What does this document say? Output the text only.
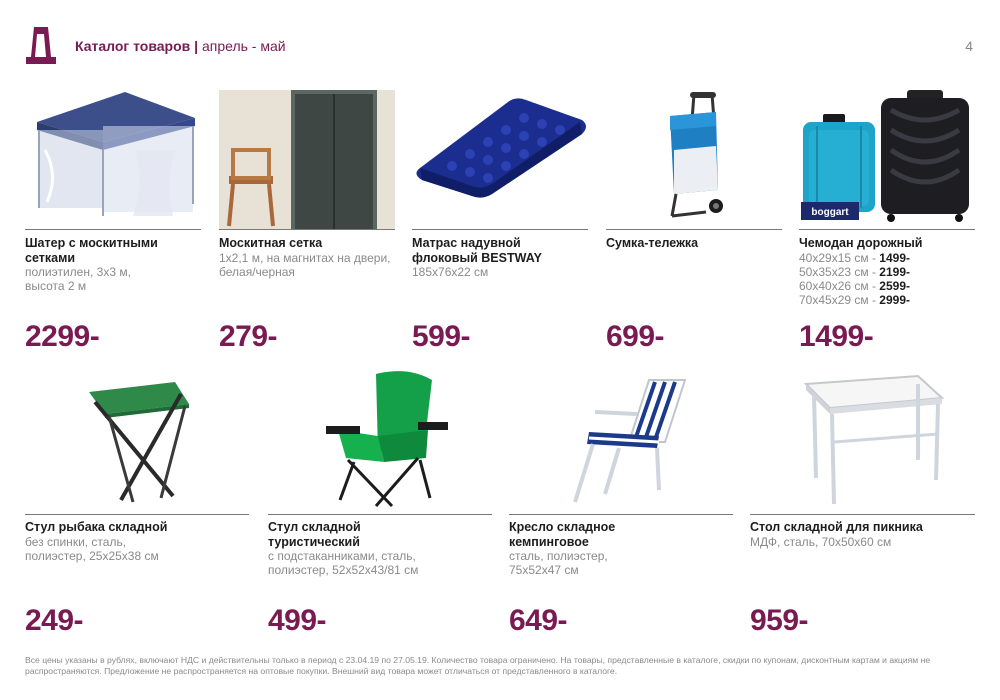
Каталог товаров | апрель - май	4
Шатер с москитными сетками
полиэтилен, 3х3 м, высота 2 м
2299-
Москитная сетка
1х2,1 м, на магнитах на двери, белая/черная
279-
Матрас надувной флоковый BESTWAY
185х76х22 см
599-
Сумка-тележка
699-
boggart
Чемодан дорожный
40х29х15 см - 1499-
50х35х23 см - 2199-
60х40х26 см - 2599-
70х45х29 см - 2999-
1499-
Стул рыбака складной
без спинки, сталь, полиэстер, 25х25х38 см
249-
Стул складной туристический
с подстаканниками, сталь, полиэстер, 52х52х43/81 см
499-
Кресло складное кемпинговое
сталь, полиэстер, 75х52х47 см
649-
Стол складной для пикника
МДФ, сталь, 70х50х60 см
959-
Все цены указаны в рублях, включают НДС и действительны только в период с 23.04.19 по 27.05.19. Количество товара ограничено. На товары, представленные в каталоге, скидки по купонам, дисконтным картам и акциям не распространяются. Предложение не распространяется на оптовые покупки. Внешний вид товара может отличаться от представленного в каталоге.
